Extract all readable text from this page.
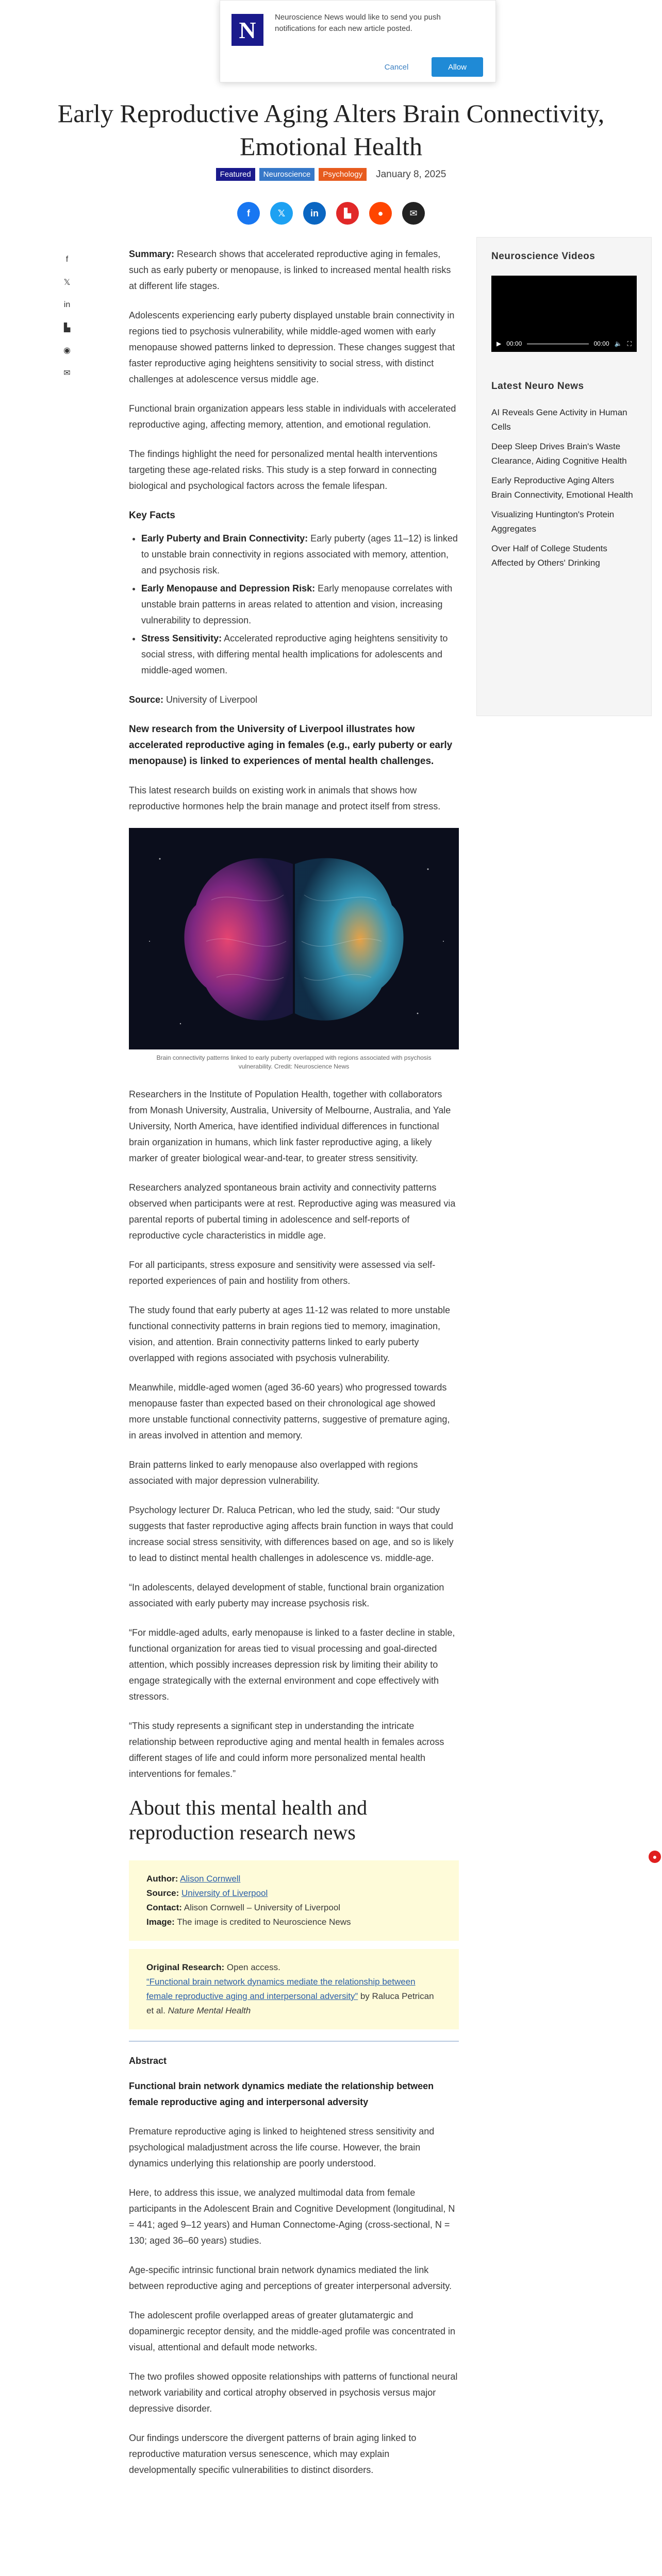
N	Neuroscience News would like to send you push notifications for each new article posted.
Cancel	Allow
Early Reproductive Aging Alters Brain Connectivity, Emotional Health
Featured	Neuroscience	Psychology	January 8, 2025
f	𝕏	in	▙	●	✉
f
𝕏
in
▙
◉
✉

Summary: Research shows that accelerated reproductive aging in females, such as early puberty or menopause, is linked to increased mental health risks at different life stages.

Adolescents experiencing early puberty displayed unstable brain connectivity in regions tied to psychosis vulnerability, while middle-aged women with early menopause showed patterns linked to depression. These changes suggest that faster reproductive aging heightens sensitivity to social stress, with distinct challenges at adolescence versus middle age.

Functional brain organization appears less stable in individuals with accelerated reproductive aging, affecting memory, attention, and emotional regulation.

The findings highlight the need for personalized mental health interventions targeting these age-related risks. This study is a step forward in connecting biological and psychological factors across the female lifespan.

Key Facts
• Early Puberty and Brain Connectivity: Early puberty (ages 11–12) is linked to unstable brain connectivity in regions associated with memory, attention, and psychosis risk.
• Early Menopause and Depression Risk: Early menopause correlates with unstable brain patterns in areas related to attention and vision, increasing vulnerability to depression.
• Stress Sensitivity: Accelerated reproductive aging heightens sensitivity to social stress, with differing mental health implications for adolescents and middle-aged women.

Source: University of Liverpool

New research from the University of Liverpool illustrates how accelerated reproductive aging in females (e.g., early puberty or early menopause) is linked to experiences of mental health challenges.

This latest research builds on existing work in animals that shows how reproductive hormones help the brain manage and protect itself from stress.

Brain connectivity patterns linked to early puberty overlapped with regions associated with psychosis vulnerability. Credit: Neuroscience News

Researchers in the Institute of Population Health, together with collaborators from Monash University, Australia, University of Melbourne, Australia, and Yale University, North America, have identified individual differences in functional brain organization in humans, which link faster reproductive aging, a likely marker of greater biological wear-and-tear, to greater stress sensitivity.

Researchers analyzed spontaneous brain activity and connectivity patterns observed when participants were at rest. Reproductive aging was measured via parental reports of pubertal timing in adolescence and self-reports of reproductive cycle characteristics in middle age.

For all participants, stress exposure and sensitivity were assessed via self-reported experiences of pain and hostility from others.

The study found that early puberty at ages 11-12 was related to more unstable functional connectivity patterns in brain regions tied to memory, imagination, vision, and attention. Brain connectivity patterns linked to early puberty overlapped with regions associated with psychosis vulnerability.

Meanwhile, middle-aged women (aged 36-60 years) who progressed towards menopause faster than expected based on their chronological age showed more unstable functional connectivity patterns, suggestive of premature aging, in areas involved in attention and memory.

Brain patterns linked to early menopause also overlapped with regions associated with major depression vulnerability.

Psychology lecturer Dr. Raluca Petrican, who led the study, said: “Our study suggests that faster reproductive aging affects brain function in ways that could increase social stress sensitivity, with differences based on age, and so is likely to lead to distinct mental health challenges in adolescence vs. middle-age.

“In adolescents, delayed development of stable, functional brain organization associated with early puberty may increase psychosis risk.

“For middle-aged adults, early menopause is linked to a faster decline in stable, functional organization for areas tied to visual processing and goal-directed attention, which possibly increases depression risk by limiting their ability to engage strategically with the external environment and cope effectively with stressors.

“This study represents a significant step in understanding the intricate relationship between reproductive aging and mental health in females across different stages of life and could inform more personalized mental health interventions for females.”

About this mental health and reproduction research news
Author: Alison Cornwell
Source: University of Liverpool
Contact: Alison Cornwell – University of Liverpool
Image: The image is credited to Neuroscience News
Original Research: Open access.
“Functional brain network dynamics mediate the relationship between female reproductive aging and interpersonal adversity” by Raluca Petrican et al. Nature Mental Health
Abstract

Functional brain network dynamics mediate the relationship between female reproductive aging and interpersonal adversity

Premature reproductive aging is linked to heightened stress sensitivity and psychological maladjustment across the life course. However, the brain dynamics underlying this relationship are poorly understood.

Here, to address this issue, we analyzed multimodal data from female participants in the Adolescent Brain and Cognitive Development (longitudinal, N = 441; aged 9–12 years) and Human Connectome-Aging (cross-sectional, N = 130; aged 36–60 years) studies.

Age-specific intrinsic functional brain network dynamics mediated the link between reproductive aging and perceptions of greater interpersonal adversity.

The adolescent profile overlapped areas of greater glutamatergic and dopaminergic receptor density, and the middle-aged profile was concentrated in visual, attentional and default mode networks.

The two profiles showed opposite relationships with patterns of functional neural network variability and cortical atrophy observed in psychosis versus major depressive disorder.

Our findings underscore the divergent patterns of brain aging linked to reproductive maturation versus senescence, which may explain developmentally specific vulnerabilities to distinct disorders.

Neuroscience Videos
▶ 00:00	00:00 🔈 ⛶
Latest Neuro News
AI Reveals Gene Activity in Human Cells
Deep Sleep Drives Brain's Waste Clearance, Aiding Cognitive Health
Early Reproductive Aging Alters Brain Connectivity, Emotional Health
Visualizing Huntington's Protein Aggregates
Over Half of College Students Affected by Others' Drinking
●
